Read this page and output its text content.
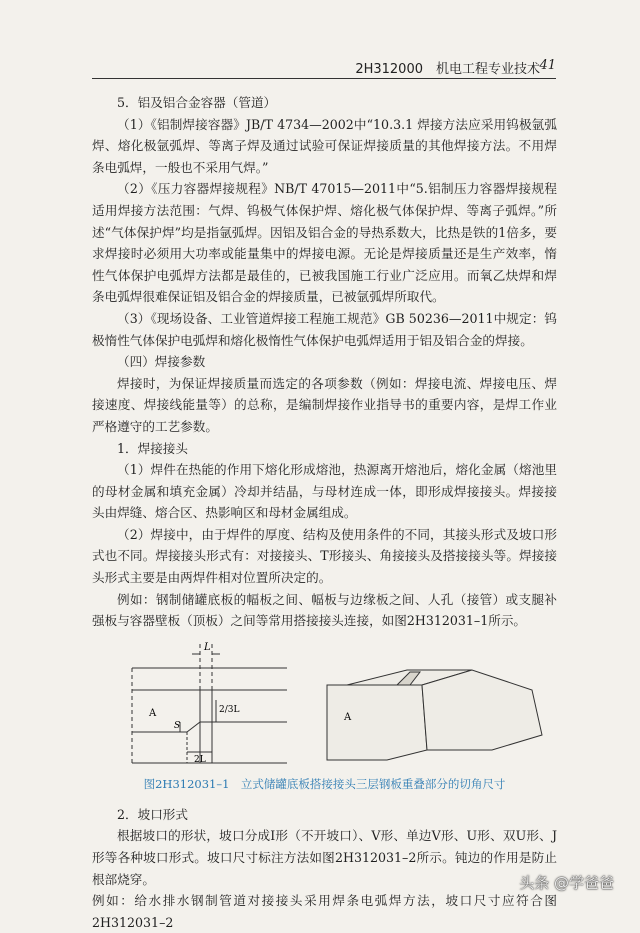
2H312000　机电工程专业技术 41

5．铝及铝合金容器（管道）

（1）《铝制焊接容器》JB/T 4734—2002中“10.3.1 焊接方法应采用钨极氩弧焊、熔化极氩弧焊、等离子焊及通过试验可保证焊接质量的其他焊接方法。不用焊条电弧焊，一般也不采用气焊。”

（2）《压力容器焊接规程》NB/T 47015—2011中“5.铝制压力容器焊接规程适用焊接方法范围：气焊、钨极气体保护焊、熔化极气体保护焊、等离子弧焊。”所述“气体保护焊”均是指氩弧焊。因铝及铝合金的导热系数大，比热是铁的1倍多，要求焊接时必须用大功率或能量集中的焊接电源。无论是焊接质量还是生产效率，惰性气体保护电弧焊方法都是最佳的，已被我国施工行业广泛应用。而氧乙炔焊和焊条电弧焊很难保证铝及铝合金的焊接质量，已被氩弧焊所取代。

（3）《现场设备、工业管道焊接工程施工规范》GB 50236—2011中规定：钨极惰性气体保护电弧焊和熔化极惰性气体保护电弧焊适用于铝及铝合金的焊接。

（四）焊接参数

焊接时，为保证焊接质量而选定的各项参数（例如：焊接电流、焊接电压、焊接速度、焊接线能量等）的总称，是编制焊接作业指导书的重要内容，是焊工作业严格遵守的工艺参数。

1．焊接接头

（1）焊件在热能的作用下熔化形成熔池，热源离开熔池后，熔化金属（熔池里的母材金属和填充金属）冷却并结晶，与母材连成一体，即形成焊接接头。焊接接头由焊缝、熔合区、热影响区和母材金属组成。

（2）焊接中，由于焊件的厚度、结构及使用条件的不同，其接头形式及坡口形式也不同。焊接接头形式有：对接接头、T形接头、角接接头及搭接接头等。焊接接头形式主要是由两焊件相对位置所决定的。

例如：钢制储罐底板的幅板之间、幅板与边缘板之间、人孔（接管）或支腿补强板与容器壁板（顶板）之间等常用搭接接头连接，如图2H312031–1所示。

L
A
S
2/3L
2L
A
图2H312031–1　立式储罐底板搭接接头三层钢板重叠部分的切角尺寸

2．坡口形式

根据坡口的形状，坡口分成I形（不开坡口）、V形、单边V形、U形、双U形、J形等各种坡口形式。坡口尺寸标注方法如图2H312031–2所示。钝边的作用是防止根部烧穿。

例如：给水排水钢制管道对接接头采用焊条电弧焊方法，坡口尺寸应符合图2H312031–2

头条 @学爸爸
